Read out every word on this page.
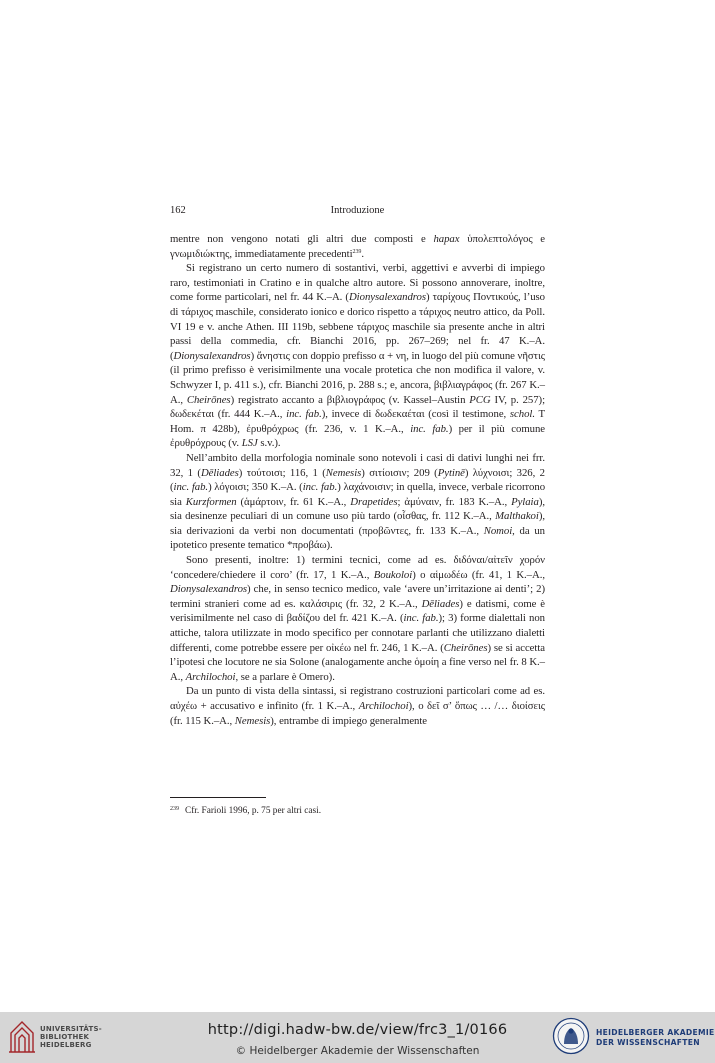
162	Introduzione

mentre non vengono notati gli altri due composti e hapax ὑπολεπτολόγος e γνωμιδιώκτης, immediatamente precedenti$^{239}$.

Si registrano un certo numero di sostantivi, verbi, aggettivi e avverbi di impiego raro, testimoniati in Cratino e in qualche altro autore. Si possono annoverare, inoltre, come forme particolari, nel fr. 44 K.–A. (Dionysalexandros) ταρίχους Ποντικούς, l’uso di τάριχος maschile, considerato ionico e dorico rispetto a τάριχος neutro attico, da Poll. VI 19 e v. anche Athen. III 119b, sebbene τάριχος maschile sia presente anche in altri passi della commedia, cfr. Bianchi 2016, pp. 267–269; nel fr. 47 K.–A. (Dionysalexandros) ἄνηστις con doppio prefisso α + νη, in luogo del più comune νῆστις (il primo prefisso è verisimilmente una vocale protetica che non modifica il valore, v. Schwyzer I, p. 411 s.), cfr. Bianchi 2016, p. 288 s.; e, ancora, βιβλιαγράφος (fr. 267 K.–A., Cheirōnes) registrato accanto a βιβλιογράφος (v. Kassel–Austin PCG IV, p. 257); δωδεκέται (fr. 444 K.–A., inc. fab.), invece di δωδεκαέται (così il testimone, schol. T Hom. π 428b), ἐρυθρόχρως (fr. 236, v. 1 K.–A., inc. fab.) per il più comune ἐρυθρόχρους (v. LSJ s.v.).

Nell’ambito della morfologia nominale sono notevoli i casi di dativi lunghi nei frr. 32, 1 (Dēliades) τούτοισι; 116, 1 (Nemesis) σιτίοισιν; 209 (Pytinē) λύχνοισι; 326, 2 (inc. fab.) λόγοισι; 350 K.–A. (inc. fab.) λαχάνοισιν; in quella, invece, verbale ricorrono sia Kurzformen (ἁμάρτοιν, fr. 61 K.–A., Drapetides; ἀμύναιν, fr. 183 K.–A., Pylaia), sia desinenze peculiari di un comune uso più tardo (οἶσθας, fr. 112 K.–A., Malthakoi), sia derivazioni da verbi non documentati (προβῶντες, fr. 133 K.–A., Nomoi, da un ipotetico presente tematico *προβάω).

Sono presenti, inoltre: 1) termini tecnici, come ad es. διδόναι/αἰτεῖν χορόν ‘concedere/chiedere il coro’ (fr. 17, 1 K.–A., Boukoloi) ο αἱμωδέω (fr. 41, 1 K.–A., Dionysalexandros) che, in senso tecnico medico, vale ‘avere un’irritazione ai denti’; 2) termini stranieri come ad es. καλάσιρις (fr. 32, 2 K.–A., Dēliades) e datismi, come è verisimilmente nel caso di βαδίζου del fr. 421 K.–A. (inc. fab.); 3) forme dialettali non attiche, talora utilizzate in modo specifico per connotare parlanti che utilizzano dialetti differenti, come potrebbe essere per οἰκέω nel fr. 246, 1 K.–A. (Cheirōnes) se si accetta l’ipotesi che locutore ne sia Solone (analogamente anche ὁμοίη a fine verso nel fr. 8 K.–A., Archilochoi, se a parlare è Omero).

Da un punto di vista della sintassi, si registrano costruzioni particolari come ad es. αὐχέω + accusativo e infinito (fr. 1 K.–A., Archilochoi), ο δεῖ σ’ ὅπως … /… διοίσεις (fr. 115 K.–A., Nemesis), entrambe di impiego generalmente

$^{239}$ Cfr. Farioli 1996, p. 75 per altri casi.
UNIVERSITÄTS-
BIBLIOTHEK
HEIDELBERG
http://digi.hadw-bw.de/view/frc3_1/0166
© Heidelberger Akademie der Wissenschaften
HEIDELBERGER AKADEMIE
DER WISSENSCHAFTEN
